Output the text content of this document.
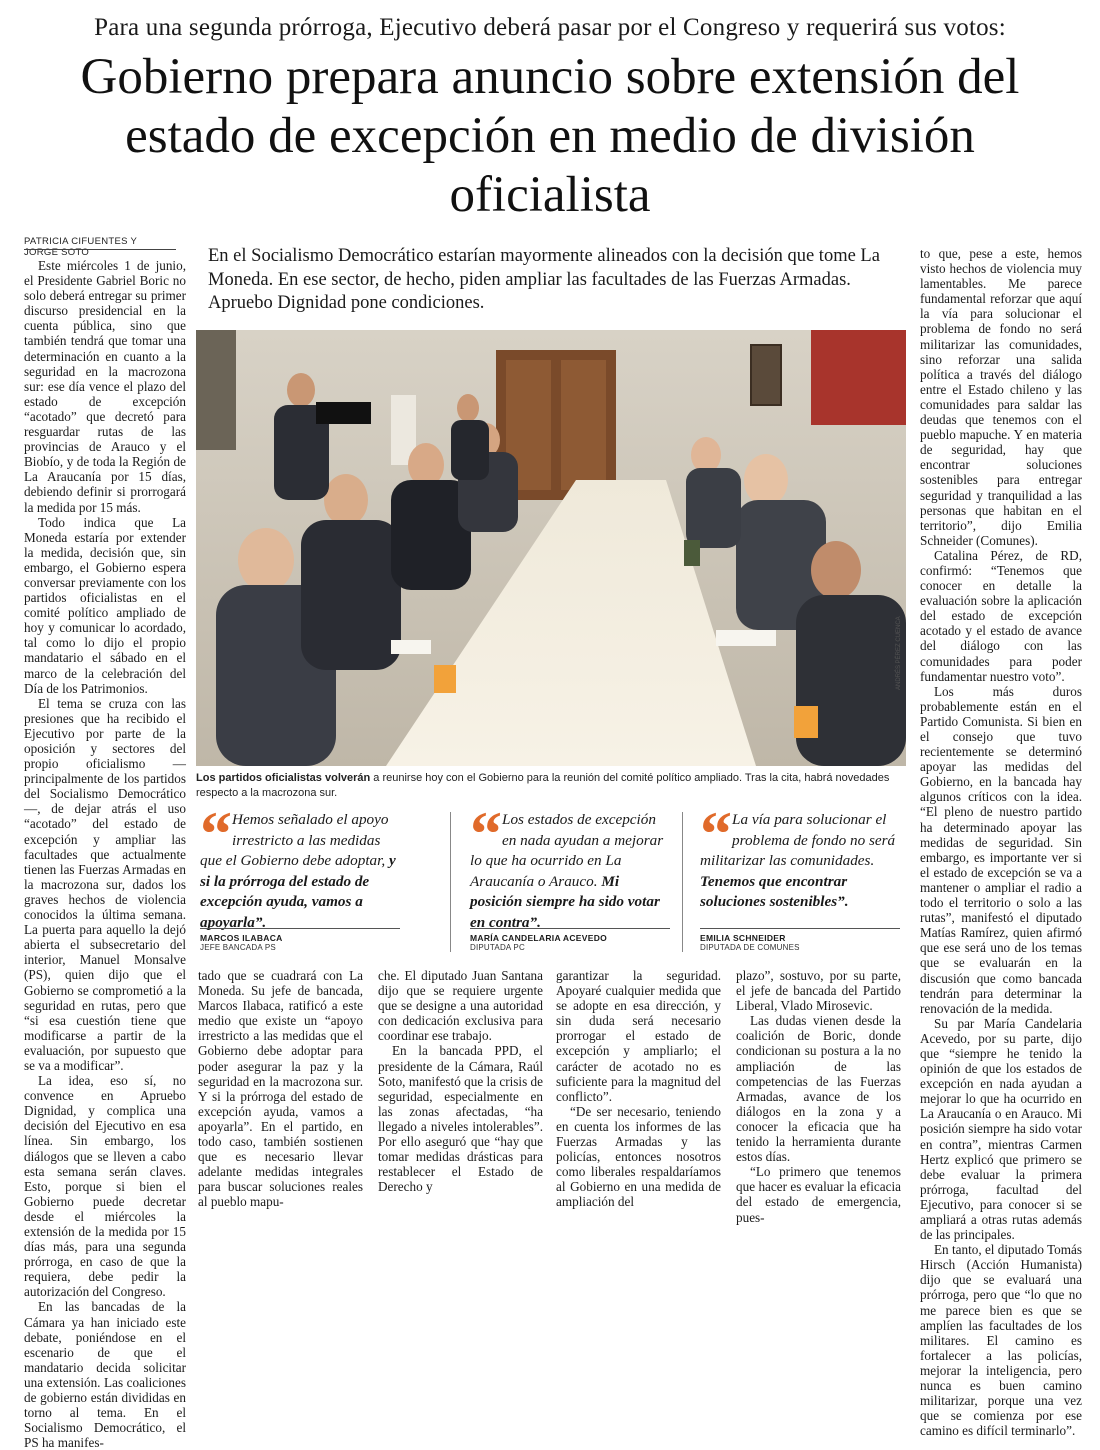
Para una segunda prórroga, Ejecutivo deberá pasar por el Congreso y requerirá sus votos:
Gobierno prepara anuncio sobre extensión del estado de excepción en medio de división oficialista
PATRICIA CIFUENTES Y JORGE SOTO	En el Socialismo Democrático estarían mayormente alineados con la decisión que tome La Moneda. En ese sector, de hecho, piden ampliar las facultades de las Fuerzas Armadas. Apruebo Dignidad pone condiciones.

Este miércoles 1 de junio, el Presidente Gabriel Boric no solo deberá entregar su primer discurso presidencial en la cuenta pública, sino que también tendrá que tomar una determinación en cuanto a la seguridad en la macrozona sur: ese día vence el plazo del estado de excepción “acotado” que decretó para resguardar rutas de las provincias de Arauco y el Biobío, y de toda la Región de La Araucanía por 15 días, debiendo definir si prorrogará la medida por 15 más.

Todo indica que La Moneda estaría por extender la medida, decisión que, sin embargo, el Gobierno espera conversar previamente con los partidos oficialistas en el comité político ampliado de hoy y comunicar lo acordado, tal como lo dijo el propio mandatario el sábado en el marco de la celebración del Día de los Patrimonios.

El tema se cruza con las presiones que ha recibido el Ejecutivo por parte de la oposición y sectores del propio oficialismo —principalmente de los partidos del Socialismo Democrático—, de dejar atrás el uso “acotado” del estado de excepción y ampliar las facultades que actualmente tienen las Fuerzas Armadas en la macrozona sur, dados los graves hechos de violencia conocidos la última semana. La puerta para aquello la dejó abierta el subsecretario del interior, Manuel Monsalve (PS), quien dijo que el Gobierno se comprometió a la seguridad en rutas, pero que “si esa cuestión tiene que modificarse a partir de la evaluación, por supuesto que se va a modificar”.

La idea, eso sí, no convence en Apruebo Dignidad, y complica una decisión del Ejecutivo en esa línea. Sin embargo, los diálogos que se lleven a cabo esta semana serán claves. Esto, porque si bien el Gobierno puede decretar desde el miércoles la extensión de la medida por 15 días más, para una segunda prórroga, en caso de que la requiera, debe pedir la autorización del Congreso.

En las bancadas de la Cámara ya han iniciado este debate, poniéndose en el escenario de que el mandatario decida solicitar una extensión. Las coaliciones de gobierno están divididas en torno al tema. En el Socialismo Democrático, el PS ha manifes-

ANDRÉS PÉREZ CUENCA
Los partidos oficialistas volverán a reunirse hoy con el Gobierno para la reunión del comité político ampliado. Tras la cita, habrá novedades respecto a la macrozona sur.
“ Hemos señalado el apoyo irrestricto a las medidas que el Gobierno debe adoptar, y si la prórroga del estado de excepción ayuda, vamos a apoyarla”.
“ Los estados de excepción en nada ayudan a mejorar lo que ha ocurrido en La Araucanía o Arauco. Mi posición siempre ha sido votar en contra”.
“ La vía para solucionar el problema de fondo no será militarizar las comunidades. Tenemos que encontrar soluciones sostenibles”.
MARCOS ILABACA
JEFE BANCADA PS
MARÍA CANDELARIA ACEVEDO
DIPUTADA PC
EMILIA SCHNEIDER
DIPUTADA DE COMUNES

tado que se cuadrará con La Moneda. Su jefe de bancada, Marcos Ilabaca, ratificó a este medio que existe un “apoyo irrestricto a las medidas que el Gobierno debe adoptar para poder asegurar la paz y la seguridad en la macrozona sur. Y si la prórroga del estado de excepción ayuda, vamos a apoyarla”. En el partido, en todo caso, también sostienen que es necesario llevar adelante medidas integrales para buscar soluciones reales al pueblo mapu-

che. El diputado Juan Santana dijo que se requiere urgente que se designe a una autoridad con dedicación exclusiva para coordinar ese trabajo.

En la bancada PPD, el presidente de la Cámara, Raúl Soto, manifestó que la crisis de seguridad, especialmente en las zonas afectadas, “ha llegado a niveles intolerables”. Por ello aseguró que “hay que tomar medidas drásticas para restablecer el Estado de Derecho y

garantizar la seguridad. Apoyaré cualquier medida que se adopte en esa dirección, y sin duda será necesario prorrogar el estado de excepción y ampliarlo; el carácter de acotado no es suficiente para la magnitud del conflicto”.

“De ser necesario, teniendo en cuenta los informes de las Fuerzas Armadas y las policías, entonces nosotros como liberales respaldaríamos al Gobierno en una medida de ampliación del

plazo”, sostuvo, por su parte, el jefe de bancada del Partido Liberal, Vlado Mirosevic.

Las dudas vienen desde la coalición de Boric, donde condicionan su postura a la no ampliación de las competencias de las Fuerzas Armadas, avance de los diálogos en la zona y a conocer la eficacia que ha tenido la herramienta durante estos días.

“Lo primero que tenemos que hacer es evaluar la eficacia del estado de emergencia, pues-

to que, pese a este, hemos visto hechos de violencia muy lamentables. Me parece fundamental reforzar que aquí la vía para solucionar el problema de fondo no será militarizar las comunidades, sino reforzar una salida política a través del diálogo entre el Estado chileno y las comunidades para saldar las deudas que tenemos con el pueblo mapuche. Y en materia de seguridad, hay que encontrar soluciones sostenibles para entregar seguridad y tranquilidad a las personas que habitan en el territorio”, dijo Emilia Schneider (Comunes).

Catalina Pérez, de RD, confirmó: “Tenemos que conocer en detalle la evaluación sobre la aplicación del estado de excepción acotado y el estado de avance del diálogo con las comunidades para poder fundamentar nuestro voto”.

Los más duros probablemente están en el Partido Comunista. Si bien en el consejo que tuvo recientemente se determinó apoyar las medidas del Gobierno, en la bancada hay algunos críticos con la idea. “El pleno de nuestro partido ha determinado apoyar las medidas de seguridad. Sin embargo, es importante ver si el estado de excepción se va a mantener o ampliar el radio a todo el territorio o solo a las rutas”, manifestó el diputado Matías Ramírez, quien afirmó que ese será uno de los temas que se evaluarán en la discusión que como bancada tendrán para determinar la renovación de la medida.

Su par María Candelaria Acevedo, por su parte, dijo que “siempre he tenido la opinión de que los estados de excepción en nada ayudan a mejorar lo que ha ocurrido en La Araucanía o en Arauco. Mi posición siempre ha sido votar en contra”, mientras Carmen Hertz explicó que primero se debe evaluar la primera prórroga, facultad del Ejecutivo, para conocer si se ampliará a otras rutas además de las principales.

En tanto, el diputado Tomás Hirsch (Acción Humanista) dijo que se evaluará una prórroga, pero que “lo que no me parece bien es que se amplíen las facultades de los militares. El camino es fortalecer a las policías, mejorar la inteligencia, pero nunca es buen camino militarizar, porque una vez que se comienza por ese camino es difícil terminarlo”.
